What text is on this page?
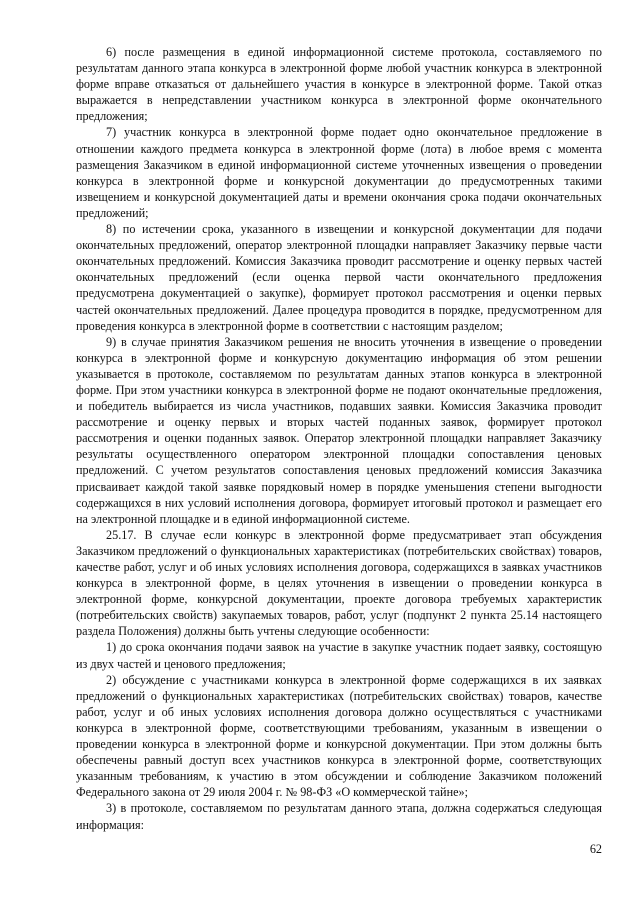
6) после размещения в единой информационной системе протокола, составляемого по результатам данного этапа конкурса в электронной форме любой участник конкурса в электронной форме вправе отказаться от дальнейшего участия в конкурсе в электронной форме. Такой отказ выражается в непредставлении участником конкурса в электронной форме окончательного предложения;

7) участник конкурса в электронной форме подает одно окончательное предложение в отношении каждого предмета конкурса в электронной форме (лота) в любое время с момента размещения Заказчиком в единой информационной системе уточненных извещения о проведении конкурса в электронной форме и конкурсной документации до предусмотренных такими извещением и конкурсной документацией даты и времени окончания срока подачи окончательных предложений;

8) по истечении срока, указанного в извещении и конкурсной документации для подачи окончательных предложений, оператор электронной площадки направляет Заказчику первые части окончательных предложений. Комиссия Заказчика проводит рассмотрение и оценку первых частей окончательных предложений (если оценка первой части окончательного предложения предусмотрена документацией о закупке), формирует протокол рассмотрения и оценки первых частей окончательных предложений. Далее процедура проводится в порядке, предусмотренном для проведения конкурса в электронной форме в соответствии с настоящим разделом;

9) в случае принятия Заказчиком решения не вносить уточнения в извещение о проведении конкурса в электронной форме и конкурсную документацию информация об этом решении указывается в протоколе, составляемом по результатам данных этапов конкурса в электронной форме. При этом участники конкурса в электронной форме не подают окончательные предложения, и победитель выбирается из числа участников, подавших заявки. Комиссия Заказчика проводит рассмотрение и оценку первых и вторых частей поданных заявок, формирует протокол рассмотрения и оценки поданных заявок. Оператор электронной площадки направляет Заказчику результаты осуществленного оператором электронной площадки сопоставления ценовых предложений. С учетом результатов сопоставления ценовых предложений комиссия Заказчика присваивает каждой такой заявке порядковый номер в порядке уменьшения степени выгодности содержащихся в них условий исполнения договора, формирует итоговый протокол и размещает его на электронной площадке и в единой информационной системе.

25.17. В случае если конкурс в электронной форме предусматривает этап обсуждения Заказчиком предложений о функциональных характеристиках (потребительских свойствах) товаров, качестве работ, услуг и об иных условиях исполнения договора, содержащихся в заявках участников конкурса в электронной форме, в целях уточнения в извещении о проведении конкурса в электронной форме, конкурсной документации, проекте договора требуемых характеристик (потребительских свойств) закупаемых товаров, работ, услуг (подпункт 2 пункта 25.14 настоящего раздела Положения) должны быть учтены следующие особенности:

1) до срока окончания подачи заявок на участие в закупке участник подает заявку, состоящую из двух частей и ценового предложения;

2) обсуждение с участниками конкурса в электронной форме содержащихся в их заявках предложений о функциональных характеристиках (потребительских свойствах) товаров, качестве работ, услуг и об иных условиях исполнения договора должно осуществляться с участниками конкурса в электронной форме, соответствующими требованиям, указанным в извещении о проведении конкурса в электронной форме и конкурсной документации. При этом должны быть обеспечены равный доступ всех участников конкурса в электронной форме, соответствующих указанным требованиям, к участию в этом обсуждении и соблюдение Заказчиком положений Федерального закона от 29 июля 2004 г. № 98-ФЗ «О коммерческой тайне»;

3) в протоколе, составляемом по результатам данного этапа, должна содержаться следующая информация:

62
